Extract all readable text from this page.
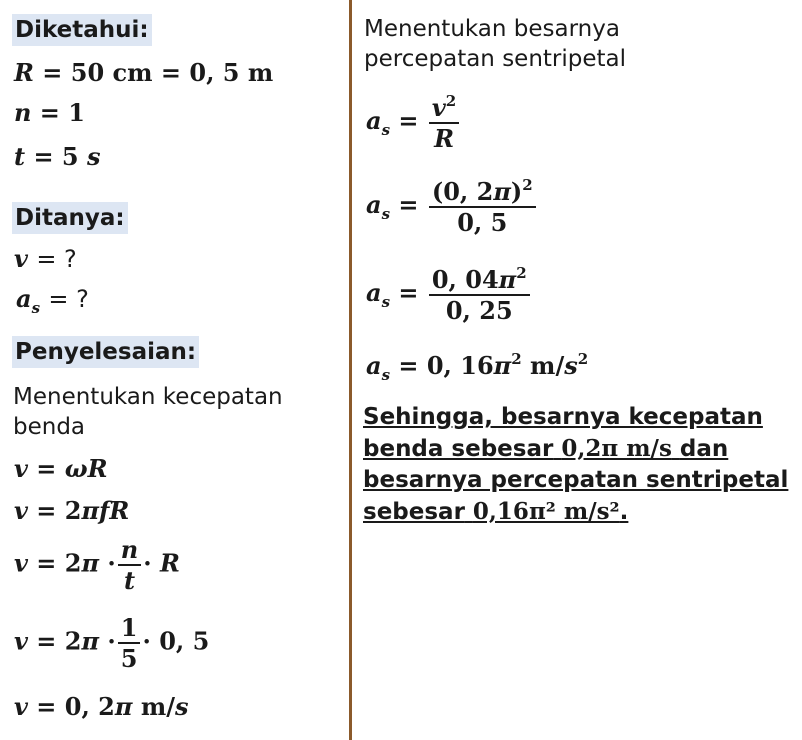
Diketahui:
R = 50 cm = 0, 5 m
n = 1
t = 5 s
Ditanya:
v = ?
$a_s$ = ?
Penyelesaian:
Menentukan kecepatan benda
v = ωR
v = 2πfR
$v = 2\pi \cdot \frac{n}{t} \cdot R$
$v = 2\pi \cdot \frac{1}{5} \cdot 0$, 5
v = 0, 2π m/s
Menentukan besarnya percepatan sentripetal
$a_s = \frac{v^2}{R}$
$a_s = \frac{(0, 2\pi)^2}{0, 5}$
$a_s = \frac{0, 04\pi^2}{0, 25}$
$a_s = 0$, $16\pi^2$ $m/s^2$
Sehingga, besarnya kecepatan benda sebesar 0,2π m/s dan besarnya percepatan sentripetal sebesar 0,16π² m/s².
